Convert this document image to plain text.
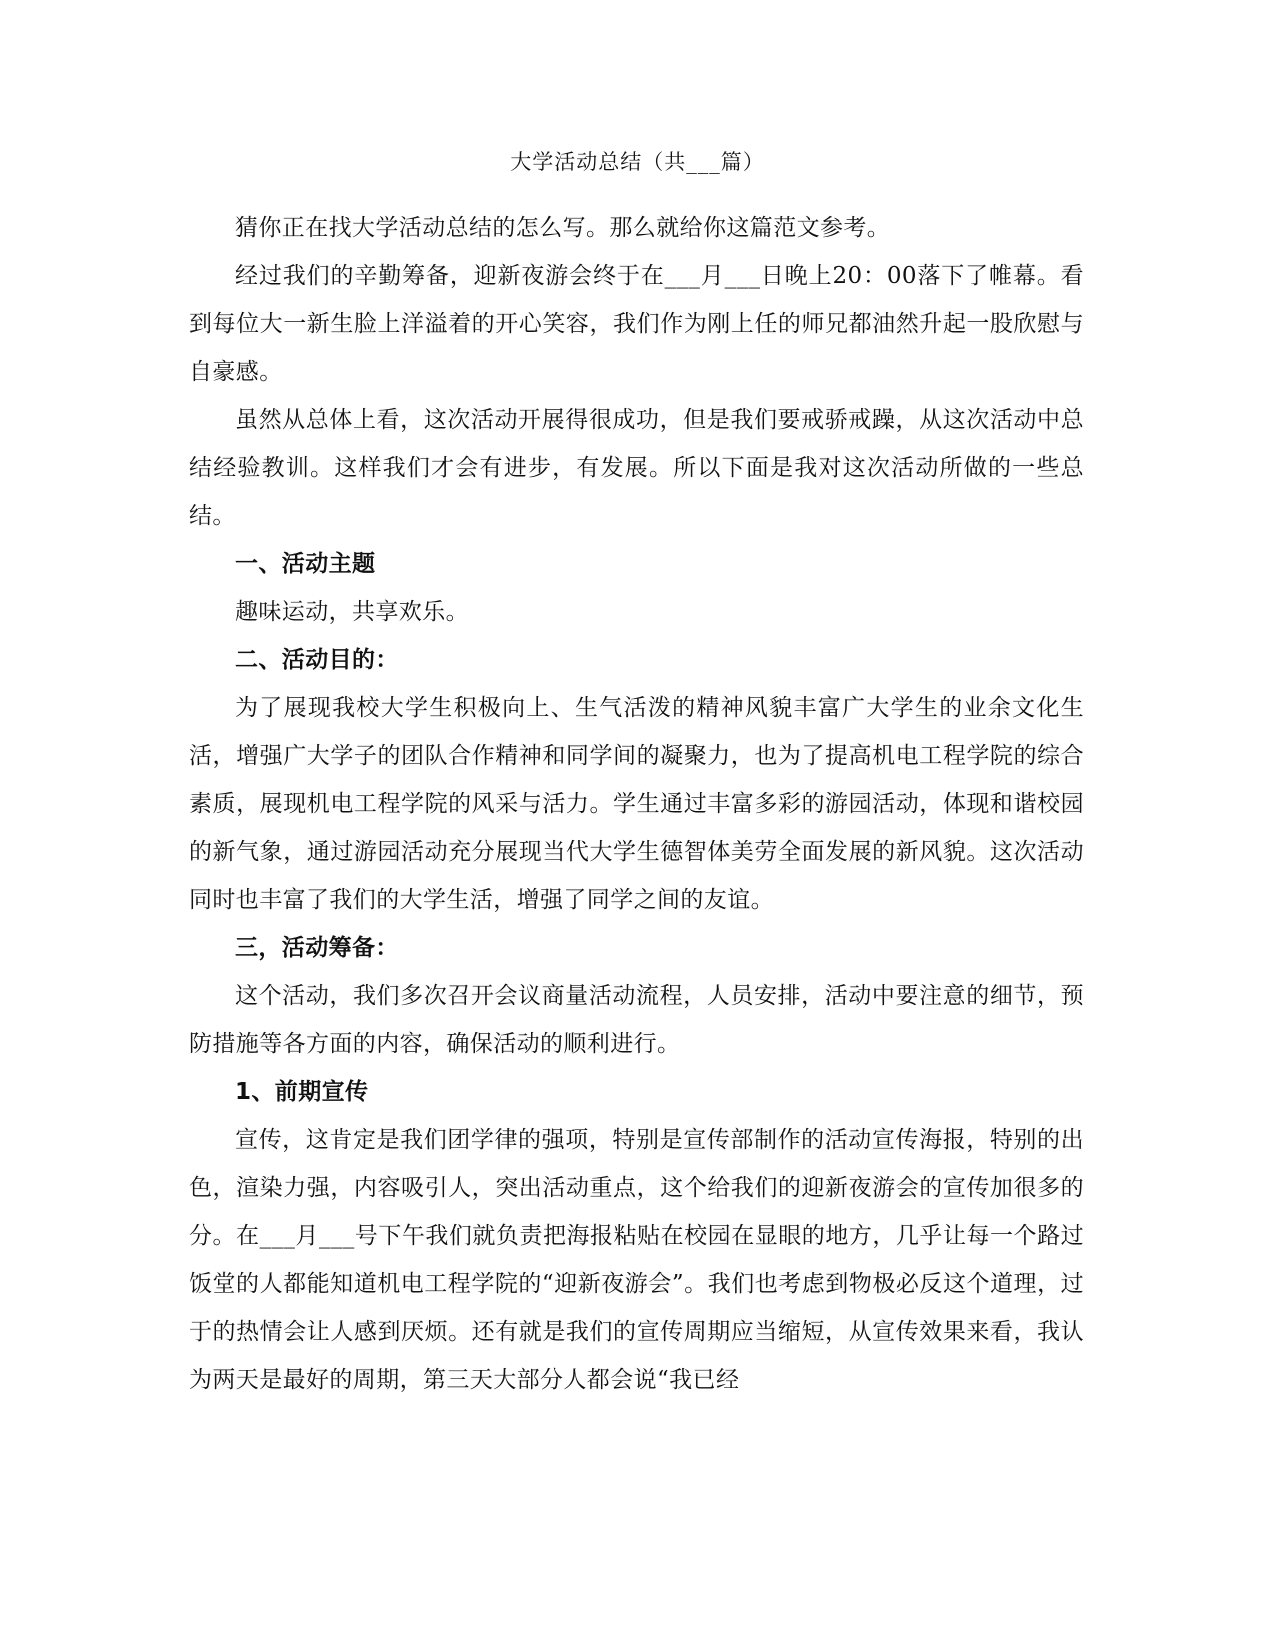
大学活动总结（共___篇）

猜你正在找大学活动总结的怎么写。那么就给你这篇范文参考。

经过我们的辛勤筹备，迎新夜游会终于在___月___日晚上20：00落下了帷幕。看到每位大一新生脸上洋溢着的开心笑容，我们作为刚上任的师兄都油然升起一股欣慰与自豪感。

虽然从总体上看，这次活动开展得很成功，但是我们要戒骄戒躁，从这次活动中总结经验教训。这样我们才会有进步，有发展。所以下面是我对这次活动所做的一些总结。

一、活动主题

趣味运动，共享欢乐。

二、活动目的：

为了展现我校大学生积极向上、生气活泼的精神风貌丰富广大学生的业余文化生活，增强广大学子的团队合作精神和同学间的凝聚力，也为了提高机电工程学院的综合素质，展现机电工程学院的风采与活力。学生通过丰富多彩的游园活动，体现和谐校园的新气象，通过游园活动充分展现当代大学生德智体美劳全面发展的新风貌。这次活动同时也丰富了我们的大学生活，增强了同学之间的友谊。

三，活动筹备：

这个活动，我们多次召开会议商量活动流程，人员安排，活动中要注意的细节，预防措施等各方面的内容，确保活动的顺利进行。

1、前期宣传

宣传，这肯定是我们团学律的强项，特别是宣传部制作的活动宣传海报，特别的出色，渲染力强，内容吸引人，突出活动重点，这个给我们的迎新夜游会的宣传加很多的分。在___月___号下午我们就负责把海报粘贴在校园在显眼的地方，几乎让每一个路过饭堂的人都能知道机电工程学院的“迎新夜游会”。我们也考虑到物极必反这个道理，过于的热情会让人感到厌烦。还有就是我们的宣传周期应当缩短，从宣传效果来看，我认为两天是最好的周期，第三天大部分人都会说“我已经
